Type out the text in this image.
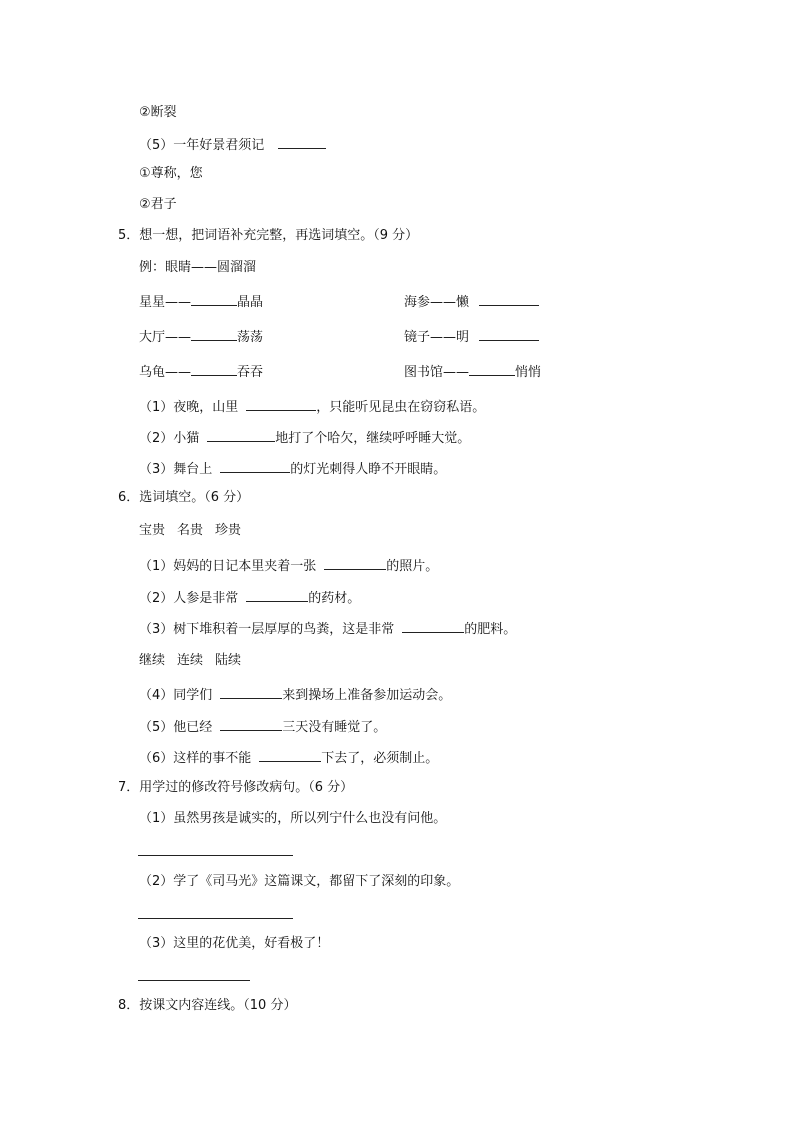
②断裂
（5）一年好景君须记
①尊称，您
②君子
5．想一想，把词语补充完整，再选词填空。（9 分）
例：眼睛——圆溜溜
星星——	晶晶	海参——懒
大厅——	荡荡	镜子——明
乌龟——	吞吞	图书馆——	悄悄
（1）夜晚，山里	，只能听见昆虫在窃窃私语。
（2）小猫	地打了个哈欠，继续呼呼睡大觉。
（3）舞台上	的灯光刺得人睁不开眼睛。
6．选词填空。（6 分）
宝贵 名贵 珍贵
（1）妈妈的日记本里夹着一张	的照片。
（2）人参是非常	的药材。
（3）树下堆积着一层厚厚的鸟粪，这是非常	的肥料。
继续 连续 陆续
（4）同学们	来到操场上准备参加运动会。
（5）他已经	三天没有睡觉了。
（6）这样的事不能	下去了，必须制止。
7．用学过的修改符号修改病句。（6 分）
（1）虽然男孩是诚实的，所以列宁什么也没有问他。
（2）学了《司马光》这篇课文，都留下了深刻的印象。
（3）这里的花优美，好看极了！
8．按课文内容连线。（10 分）
